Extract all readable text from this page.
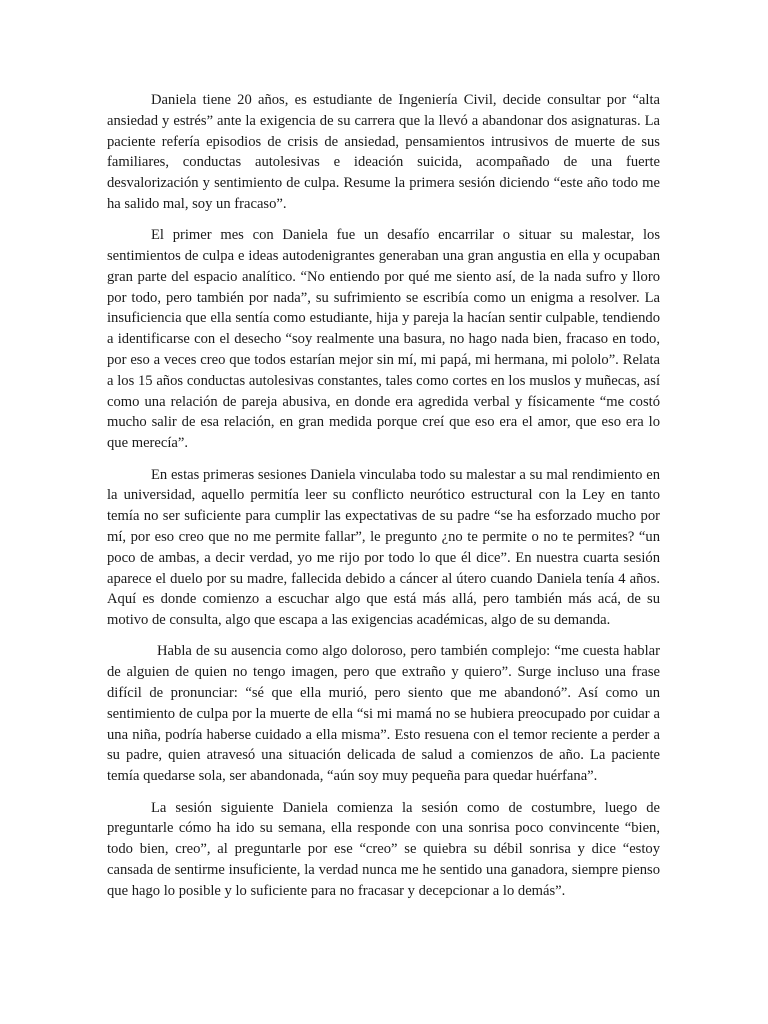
Daniela tiene 20 años, es estudiante de Ingeniería Civil, decide consultar por “alta ansiedad y estrés” ante la exigencia de su carrera que la llevó a abandonar dos asignaturas. La paciente refería episodios de crisis de ansiedad, pensamientos intrusivos de muerte de sus familiares, conductas autolesivas e ideación suicida, acompañado de una fuerte desvalorización y sentimiento de culpa. Resume la primera sesión diciendo “este año todo me ha salido mal, soy un fracaso”.

El primer mes con Daniela fue un desafío encarrilar o situar su malestar, los sentimientos de culpa e ideas autodenigrantes generaban una gran angustia en ella y ocupaban gran parte del espacio analítico. “No entiendo por qué me siento así, de la nada sufro y lloro por todo, pero también por nada”, su sufrimiento se escribía como un enigma a resolver. La insuficiencia que ella sentía como estudiante, hija y pareja la hacían sentir culpable, tendiendo a identificarse con el desecho “soy realmente una basura, no hago nada bien, fracaso en todo, por eso a veces creo que todos estarían mejor sin mí, mi papá, mi hermana, mi pololo”. Relata a los 15 años conductas autolesivas constantes, tales como cortes en los muslos y muñecas, así como una relación de pareja abusiva, en donde era agredida verbal y físicamente “me costó mucho salir de esa relación, en gran medida porque creí que eso era el amor, que eso era lo que merecía”.

En estas primeras sesiones Daniela vinculaba todo su malestar a su mal rendimiento en la universidad, aquello permitía leer su conflicto neurótico estructural con la Ley en tanto temía no ser suficiente para cumplir las expectativas de su padre “se ha esforzado mucho por mí, por eso creo que no me permite fallar”, le pregunto ¿no te permite o no te permites? “un poco de ambas, a decir verdad, yo me rijo por todo lo que él dice”. En nuestra cuarta sesión aparece el duelo por su madre, fallecida debido a cáncer al útero cuando Daniela tenía 4 años. Aquí es donde comienzo a escuchar algo que está más allá, pero también más acá, de su motivo de consulta, algo que escapa a las exigencias académicas, algo de su demanda.

Habla de su ausencia como algo doloroso, pero también complejo: “me cuesta hablar de alguien de quien no tengo imagen, pero que extraño y quiero”. Surge incluso una frase difícil de pronunciar: “sé que ella murió, pero siento que me abandonó”. Así como un sentimiento de culpa por la muerte de ella “si mi mamá no se hubiera preocupado por cuidar a una niña, podría haberse cuidado a ella misma”. Esto resuena con el temor reciente a perder a su padre, quien atravesó una situación delicada de salud a comienzos de año. La paciente temía quedarse sola, ser abandonada, “aún soy muy pequeña para quedar huérfana”.

La sesión siguiente Daniela comienza la sesión como de costumbre, luego de preguntarle cómo ha ido su semana, ella responde con una sonrisa poco convincente “bien, todo bien, creo”, al preguntarle por ese “creo” se quiebra su débil sonrisa y dice “estoy cansada de sentirme insuficiente, la verdad nunca me he sentido una ganadora, siempre pienso que hago lo posible y lo suficiente para no fracasar y decepcionar a lo demás”.
